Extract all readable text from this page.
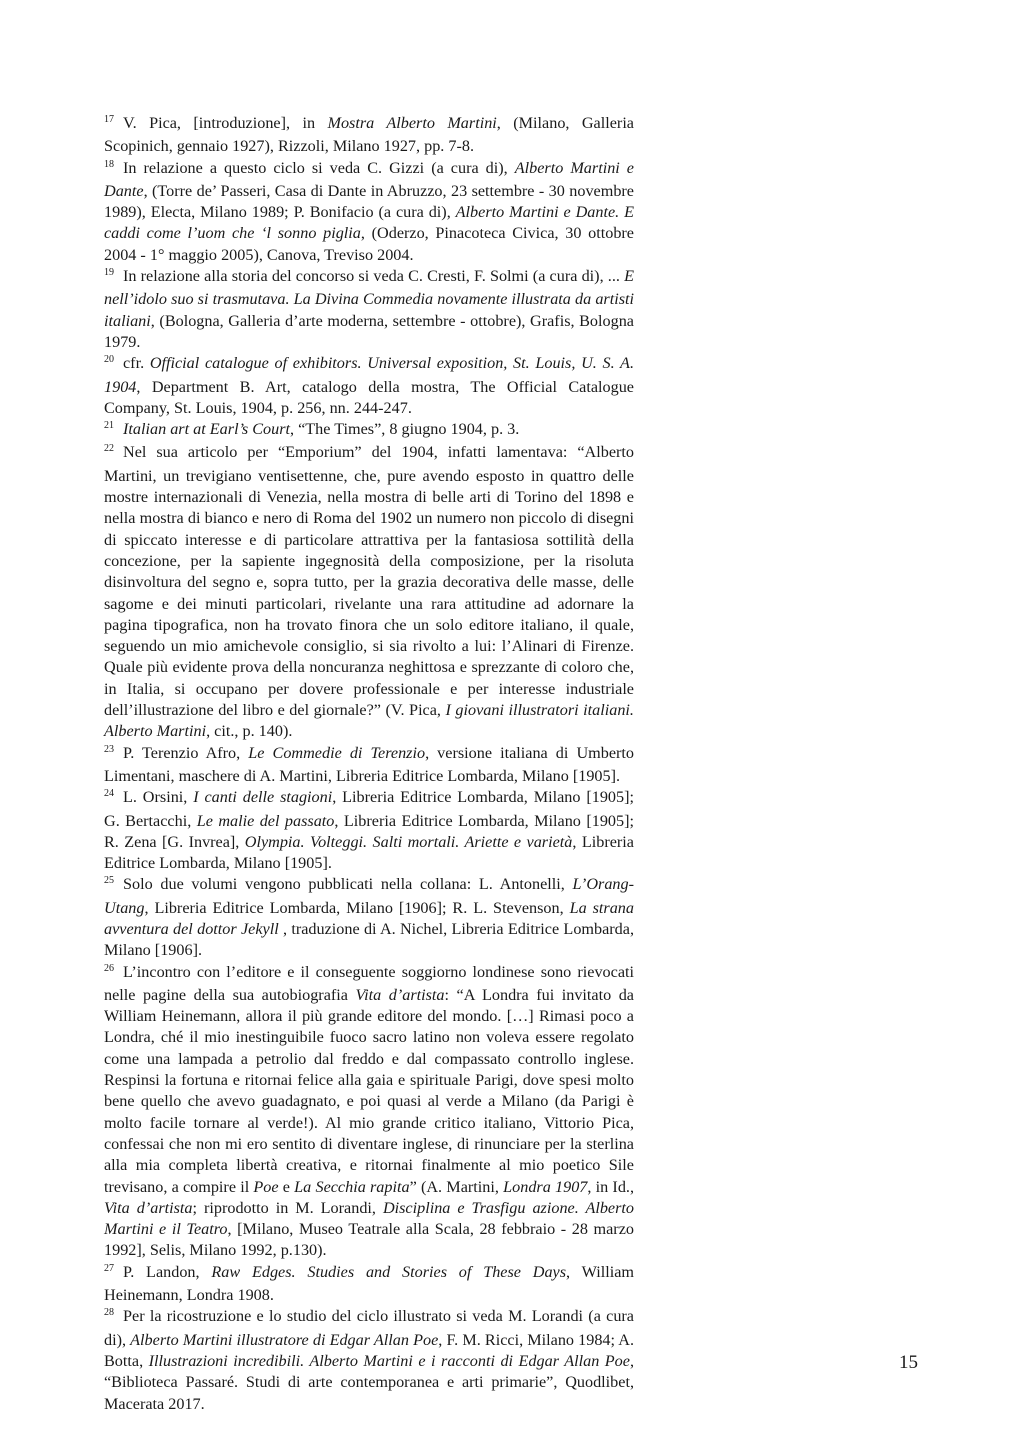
$^{17}$ V. Pica, [introduzione], in Mostra Alberto Martini, (Milano, Galleria Scopinich, gennaio 1927), Rizzoli, Milano 1927, pp. 7-8.

$^{18}$ In relazione a questo ciclo si veda C. Gizzi (a cura di), Alberto Martini e Dante, (Torre de’ Passeri, Casa di Dante in Abruzzo, 23 settembre - 30 novembre 1989), Electa, Milano 1989; P. Bonifacio (a cura di), Alberto Martini e Dante. E caddi come l’uom che ‘l sonno piglia, (Oderzo, Pinacoteca Civica, 30 ottobre 2004 - 1° maggio 2005), Canova, Treviso 2004.

$^{19}$ In relazione alla storia del concorso si veda C. Cresti, F. Solmi (a cura di), ... E nell’idolo suo si trasmutava. La Divina Commedia novamente illustrata da artisti italiani, (Bologna, Galleria d’arte moderna, settembre - ottobre), Grafis, Bologna 1979.

$^{20}$ cfr. Official catalogue of exhibitors. Universal exposition, St. Louis, U. S. A. 1904, Department B. Art, catalogo della mostra, The Official Catalogue Company, St. Louis, 1904, p. 256, nn. 244-247.

$^{21}$ Italian art at Earl’s Court, “The Times”, 8 giugno 1904, p. 3.

$^{22}$ Nel sua articolo per “Emporium” del 1904, infatti lamentava: “Alberto Martini, un trevigiano ventisettenne, che, pure avendo esposto in quattro delle mostre internazionali di Venezia, nella mostra di belle arti di Torino del 1898 e nella mostra di bianco e nero di Roma del 1902 un numero non piccolo di disegni di spiccato interesse e di particolare attrattiva per la fantasiosa sottilità della concezione, per la sapiente ingegnosità della composizione, per la risoluta disinvoltura del segno e, sopra tutto, per la grazia decorativa delle masse, delle sagome e dei minuti particolari, rivelante una rara attitudine ad adornare la pagina tipografica, non ha trovato finora che un solo editore italiano, il quale, seguendo un mio amichevole consiglio, si sia rivolto a lui: l’Alinari di Firenze. Quale più evidente prova della noncuranza neghittosa e sprezzante di coloro che, in Italia, si occupano per dovere professionale e per interesse industriale dell’illustrazione del libro e del giornale?” (V. Pica, I giovani illustratori italiani. Alberto Martini, cit., p. 140).

$^{23}$ P. Terenzio Afro, Le Commedie di Terenzio, versione italiana di Umberto Limentani, maschere di A. Martini, Libreria Editrice Lombarda, Milano [1905].

$^{24}$ L. Orsini, I canti delle stagioni, Libreria Editrice Lombarda, Milano [1905]; G. Bertacchi, Le malie del passato, Libreria Editrice Lombarda, Milano [1905]; R. Zena [G. Invrea], Olympia. Volteggi. Salti mortali. Ariette e varietà, Libreria Editrice Lombarda, Milano [1905].

$^{25}$ Solo due volumi vengono pubblicati nella collana: L. Antonelli, L’Orang-Utang, Libreria Editrice Lombarda, Milano [1906]; R. L. Stevenson, La strana avventura del dottor Jekyll , traduzione di A. Nichel, Libreria Editrice Lombarda, Milano [1906].

$^{26}$ L’incontro con l’editore e il conseguente soggiorno londinese sono rievocati nelle pagine della sua autobiografia Vita d’artista: “A Londra fui invitato da William Heinemann, allora il più grande editore del mondo. […] Rimasi poco a Londra, ché il mio inestinguibile fuoco sacro latino non voleva essere regolato come una lampada a petrolio dal freddo e dal compassato controllo inglese. Respinsi la fortuna e ritornai felice alla gaia e spirituale Parigi, dove spesi molto bene quello che avevo guadagnato, e poi quasi al verde a Milano (da Parigi è molto facile tornare al verde!). Al mio grande critico italiano, Vittorio Pica, confessai che non mi ero sentito di diventare inglese, di rinunciare per la sterlina alla mia completa libertà creativa, e ritornai finalmente al mio poetico Sile trevisano, a compire il Poe e La Secchia rapita” (A. Martini, Londra 1907, in Id., Vita d’artista; riprodotto in M. Lorandi, Disciplina e Trasfigu azione. Alberto Martini e il Teatro, [Milano, Museo Teatrale alla Scala, 28 febbraio - 28 marzo 1992], Selis, Milano 1992, p.130).

$^{27}$ P. Landon, Raw Edges. Studies and Stories of These Days, William Heinemann, Londra 1908.

$^{28}$ Per la ricostruzione e lo studio del ciclo illustrato si veda M. Lorandi (a cura di), Alberto Martini illustratore di Edgar Allan Poe, F. M. Ricci, Milano 1984; A. Botta, Illustrazioni incredibili. Alberto Martini e i racconti di Edgar Allan Poe, “Biblioteca Passaré. Studi di arte contemporanea e arti primarie”, Quodlibet, Macerata 2017.

15
